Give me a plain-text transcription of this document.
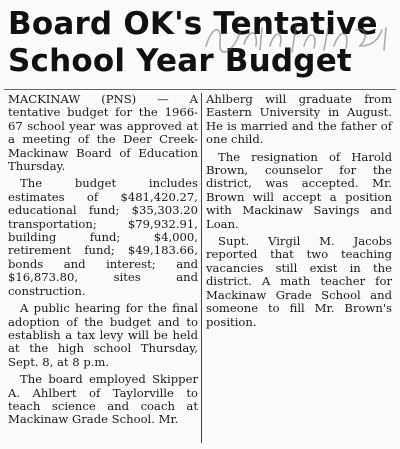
Board OK's Tentative
School Year Budget

MACKINAW (PNS) — A tentative budget for the 1966-67 school year was approved at a meeting of the Deer Creek-Mackinaw Board of Education Thursday.

The budget includes estimates of $481,420.27, educational fund; $35,303.20 transportation; $79,932.91, building fund; $4,000, retirement fund; $49,183.66, bonds and interest; and $16,873.80, sites and construction.

A public hearing for the final adoption of the budget and to establish a tax levy will be held at the high school Thursday, Sept. 8, at 8 p.m.

The board employed Skipper A. Ahlbert of Taylorville to teach science and coach at Mackinaw Grade School. Mr.

Ahlberg will graduate from Eastern University in August. He is married and the father of one child.

The resignation of Harold Brown, counselor for the district, was accepted. Mr. Brown will accept a position with Mackinaw Savings and Loan.

Supt. Virgil M. Jacobs reported that two teaching vacancies still exist in the district. A math teacher for Mackinaw Grade School and someone to fill Mr. Brown's position.
